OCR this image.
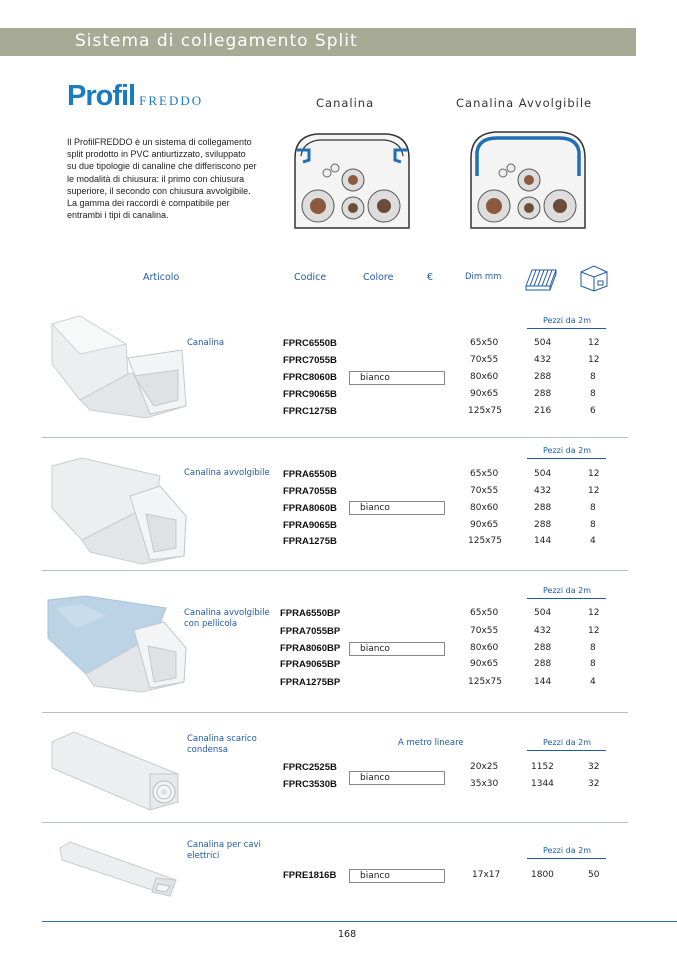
Sistema di collegamento Split
Profil FREDDO
Il ProfilFREDDO è un sistema di collegamento split prodotto in PVC antiurtizzato, sviluppato su due tipologie di canaline che differiscono per le modalità di chiusura: il primo con chiusura superiore, il secondo con chiusura avvolgibile. La gamma dei raccordi è compatibile per entrambi i tipi di canalina.
Canalina	Canalina Avvolgibile
Articolo	Codice	Colore	€	Dim mm
Canalina
Pezzi da 2m
FPRC6550B	65x50	504	12
FPRC7055B	70x55	432	12
FPRC8060B	bianco	80x60	288	8
FPRC9065B	90x65	288	8
FPRC1275B	125x75	216	6
Canalina avvolgibile
Pezzi da 2m
FPRA6550B	65x50	504	12
FPRA7055B	70x55	432	12
FPRA8060B	bianco	80x60	288	8
FPRA9065B	90x65	288	8
FPRA1275B	125x75	144	4
Canalina avvolgibile
con pellicola
Pezzi da 2m
FPRA6550BP	65x50	504	12
FPRA7055BP	70x55	432	12
FPRA8060BP	bianco	80x60	288	8
FPRA9065BP	90x65	288	8
FPRA1275BP	125x75	144	4
Canalina scarico
condensa
A metro lineare	Pezzi da 2m
FPRC2525B	20x25	1152	32
bianco
FPRC3530B	35x30	1344	32
Canalina per cavi
elettrici
Pezzi da 2m
FPRE1816B	bianco	17x17	1800	50
168
